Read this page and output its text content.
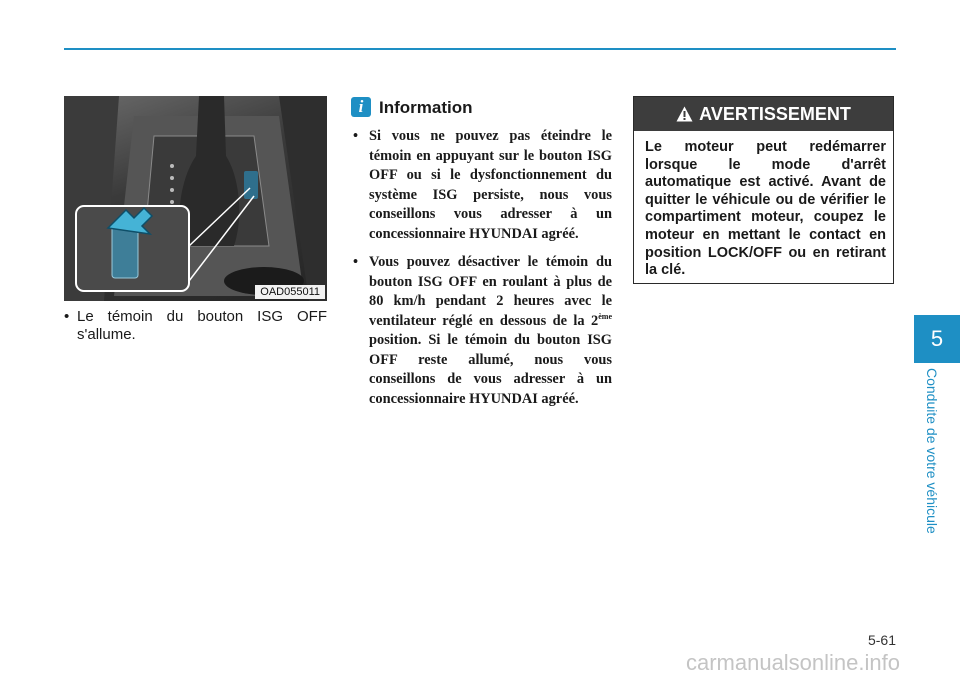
OAD055011
• Le témoin du bouton ISG OFF s'allume.
i Information
• Si vous ne pouvez pas éteindre le témoin en appuyant sur le bouton ISG OFF ou si le dysfonctionnement du système ISG persiste, nous vous conseillons vous adresser à un concessionnaire HYUNDAI agréé.
• Vous pouvez désactiver le témoin du bouton ISG OFF en roulant à plus de 80 km/h pendant 2 heures avec le ventilateur réglé en dessous de la 2ème position. Si le témoin du bouton ISG OFF reste allumé, nous vous conseillons de vous adresser à un concessionnaire HYUNDAI agréé.
AVERTISSEMENT
Le moteur peut redémarrer lorsque le mode d'arrêt automatique est activé. Avant de quitter le véhicule ou de vérifier le compartiment moteur, coupez le moteur en mettant le contact en position LOCK/OFF ou en retirant la clé.
5
Conduite de votre véhicule
5-61
carmanualsonline.info
